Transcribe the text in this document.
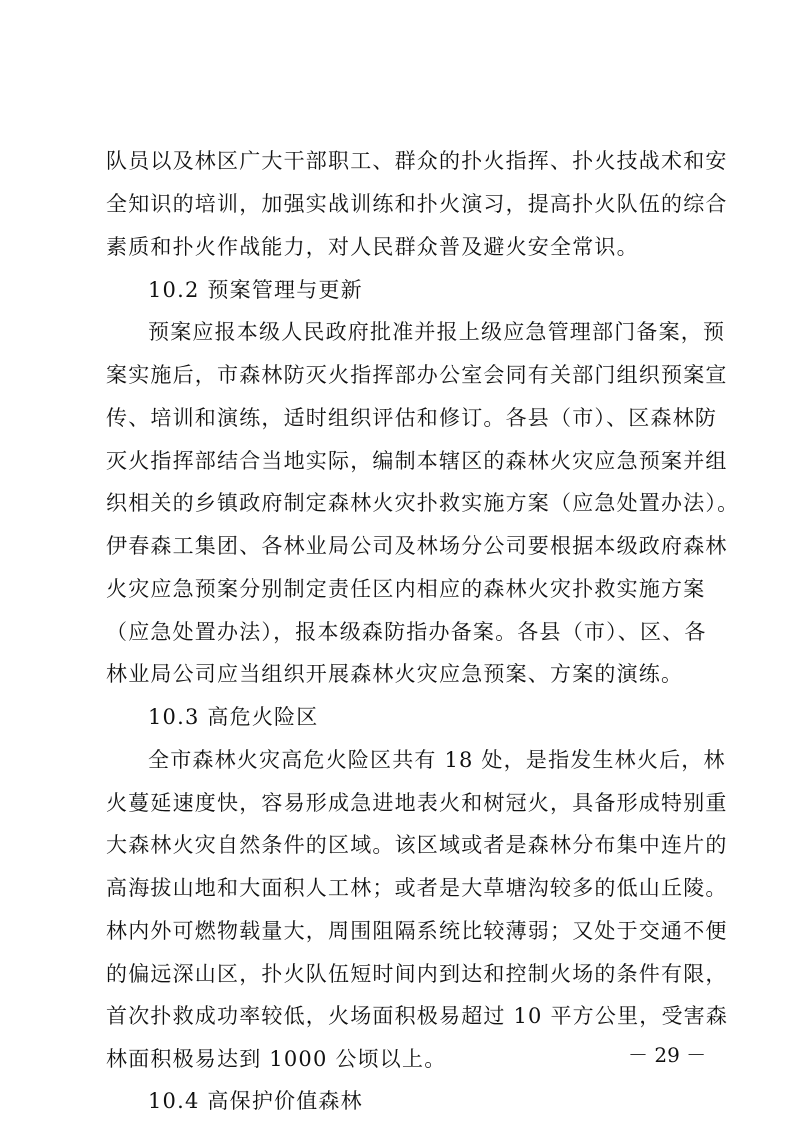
队员以及林区广大干部职工、群众的扑火指挥、扑火技战术和安
全知识的培训，加强实战训练和扑火演习，提高扑火队伍的综合
素质和扑火作战能力，对人民群众普及避火安全常识。
10.2 预案管理与更新
预案应报本级人民政府批准并报上级应急管理部门备案，预
案实施后，市森林防灭火指挥部办公室会同有关部门组织预案宣
传、培训和演练，适时组织评估和修订。各县（市）、区森林防
灭火指挥部结合当地实际，编制本辖区的森林火灾应急预案并组
织相关的乡镇政府制定森林火灾扑救实施方案（应急处置办法）。
伊春森工集团、各林业局公司及林场分公司要根据本级政府森林
火灾应急预案分别制定责任区内相应的森林火灾扑救实施方案
（应急处置办法），报本级森防指办备案。各县（市）、区、各
林业局公司应当组织开展森林火灾应急预案、方案的演练。
10.3 高危火险区
全市森林火灾高危火险区共有 18 处，是指发生林火后，林
火蔓延速度快，容易形成急进地表火和树冠火，具备形成特别重
大森林火灾自然条件的区域。该区域或者是森林分布集中连片的
高海拔山地和大面积人工林；或者是大草塘沟较多的低山丘陵。
林内外可燃物载量大，周围阻隔系统比较薄弱；又处于交通不便
的偏远深山区，扑火队伍短时间内到达和控制火场的条件有限，
首次扑救成功率较低，火场面积极易超过 10 平方公里，受害森
林面积极易达到 1000 公顷以上。
10.4 高保护价值森林
－ 29 －
